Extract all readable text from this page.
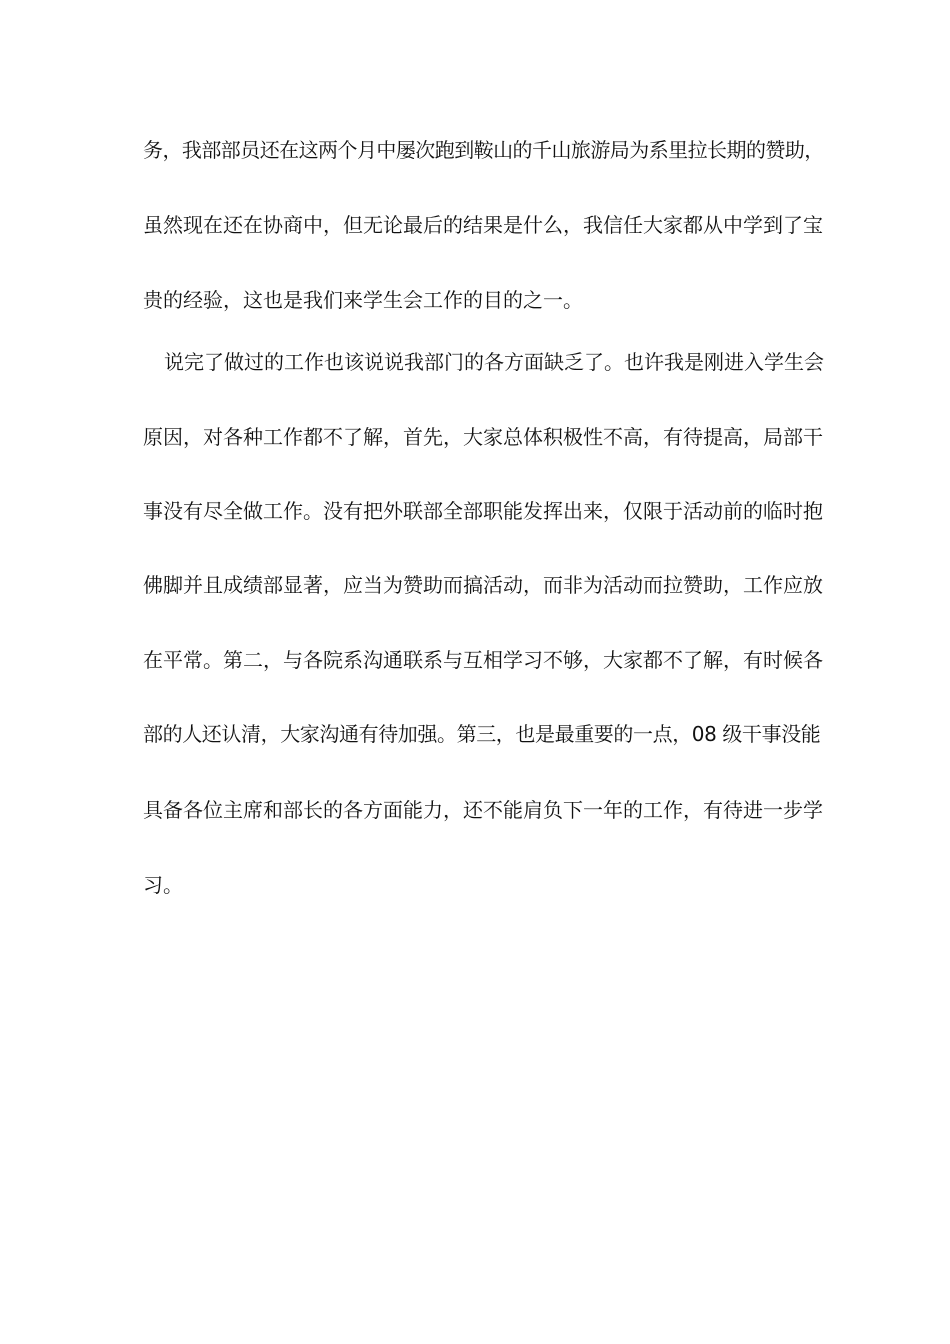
务，我部部员还在这两个月中屡次跑到鞍山的千山旅游局为系里拉长期的赞助，
虽然现在还在协商中，但无论最后的结果是什么，我信任大家都从中学到了宝
贵的经验，这也是我们来学生会工作的目的之一。
说完了做过的工作也该说说我部门的各方面缺乏了。也许我是刚进入学生会
原因，对各种工作都不了解，首先，大家总体积极性不高，有待提高，局部干
事没有尽全做工作。没有把外联部全部职能发挥出来，仅限于活动前的临时抱
佛脚并且成绩部显著，应当为赞助而搞活动，而非为活动而拉赞助，工作应放
在平常。第二，与各院系沟通联系与互相学习不够，大家都不了解，有时候各
部的人还认清，大家沟通有待加强。第三，也是最重要的一点，08 级干事没能
具备各位主席和部长的各方面能力，还不能肩负下一年的工作，有待进一步学
习。
